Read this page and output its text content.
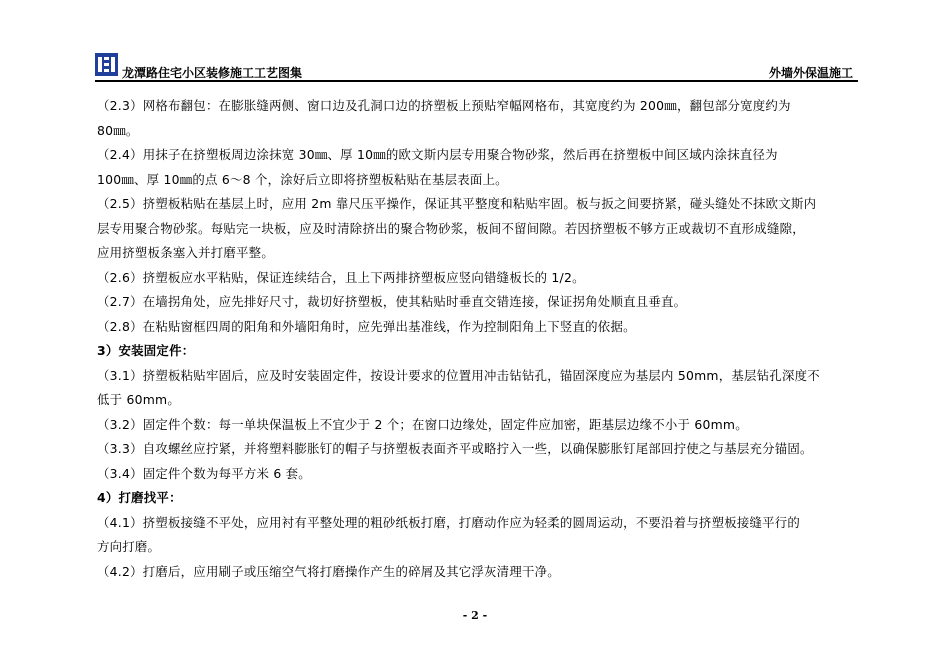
龙潭路住宅小区装修施工工艺图集	外墙外保温施工
（2.3）网格布翻包：在膨胀缝两侧、窗口边及孔洞口边的挤塑板上预贴窄幅网格布，其宽度约为 200㎜，翻包部分宽度约为
80㎜。
（2.4）用抹子在挤塑板周边涂抹宽 30㎜、厚 10㎜的欧文斯内层专用聚合物砂浆，然后再在挤塑板中间区域内涂抹直径为
100㎜、厚 10㎜的点 6～8 个，涂好后立即将挤塑板粘贴在基层表面上。
（2.5）挤塑板粘贴在基层上时，应用 2m 靠尺压平操作，保证其平整度和粘贴牢固。板与扳之间要挤紧，碰头缝处不抹欧文斯内
层专用聚合物砂浆。每贴完一块板，应及时清除挤出的聚合物砂浆，板间不留间隙。若因挤塑板不够方正或裁切不直形成缝隙，
应用挤塑板条塞入并打磨平整。
（2.6）挤塑板应水平粘贴，保证连续结合，且上下两排挤塑板应竖向错缝板长的 1/2。
（2.7）在墙拐角处，应先排好尺寸，裁切好挤塑板，使其粘贴时垂直交错连接，保证拐角处顺直且垂直。
（2.8）在粘贴窗框四周的阳角和外墙阳角时，应先弹出基准线，作为控制阳角上下竖直的依据。
3）安装固定件：
（3.1）挤塑板粘贴牢固后，应及时安装固定件，按设计要求的位置用冲击钻钻孔，锚固深度应为基层内 50mm，基层钻孔深度不
低于 60mm。
（3.2）固定件个数：每一单块保温板上不宜少于 2 个；在窗口边缘处，固定件应加密，距基层边缘不小于 60mm。
（3.3）自攻螺丝应拧紧，并将塑料膨胀钉的帽子与挤塑板表面齐平或略拧入一些，以确保膨胀钉尾部回拧使之与基层充分锚固。
（3.4）固定件个数为每平方米 6 套。
4）打磨找平：
（4.1）挤塑板接缝不平处，应用衬有平整处理的粗砂纸板打磨，打磨动作应为轻柔的圆周运动，不要沿着与挤塑板接缝平行的
方向打磨。
（4.2）打磨后，应用刷子或压缩空气将打磨操作产生的碎屑及其它浮灰清理干净。
- 2 -
